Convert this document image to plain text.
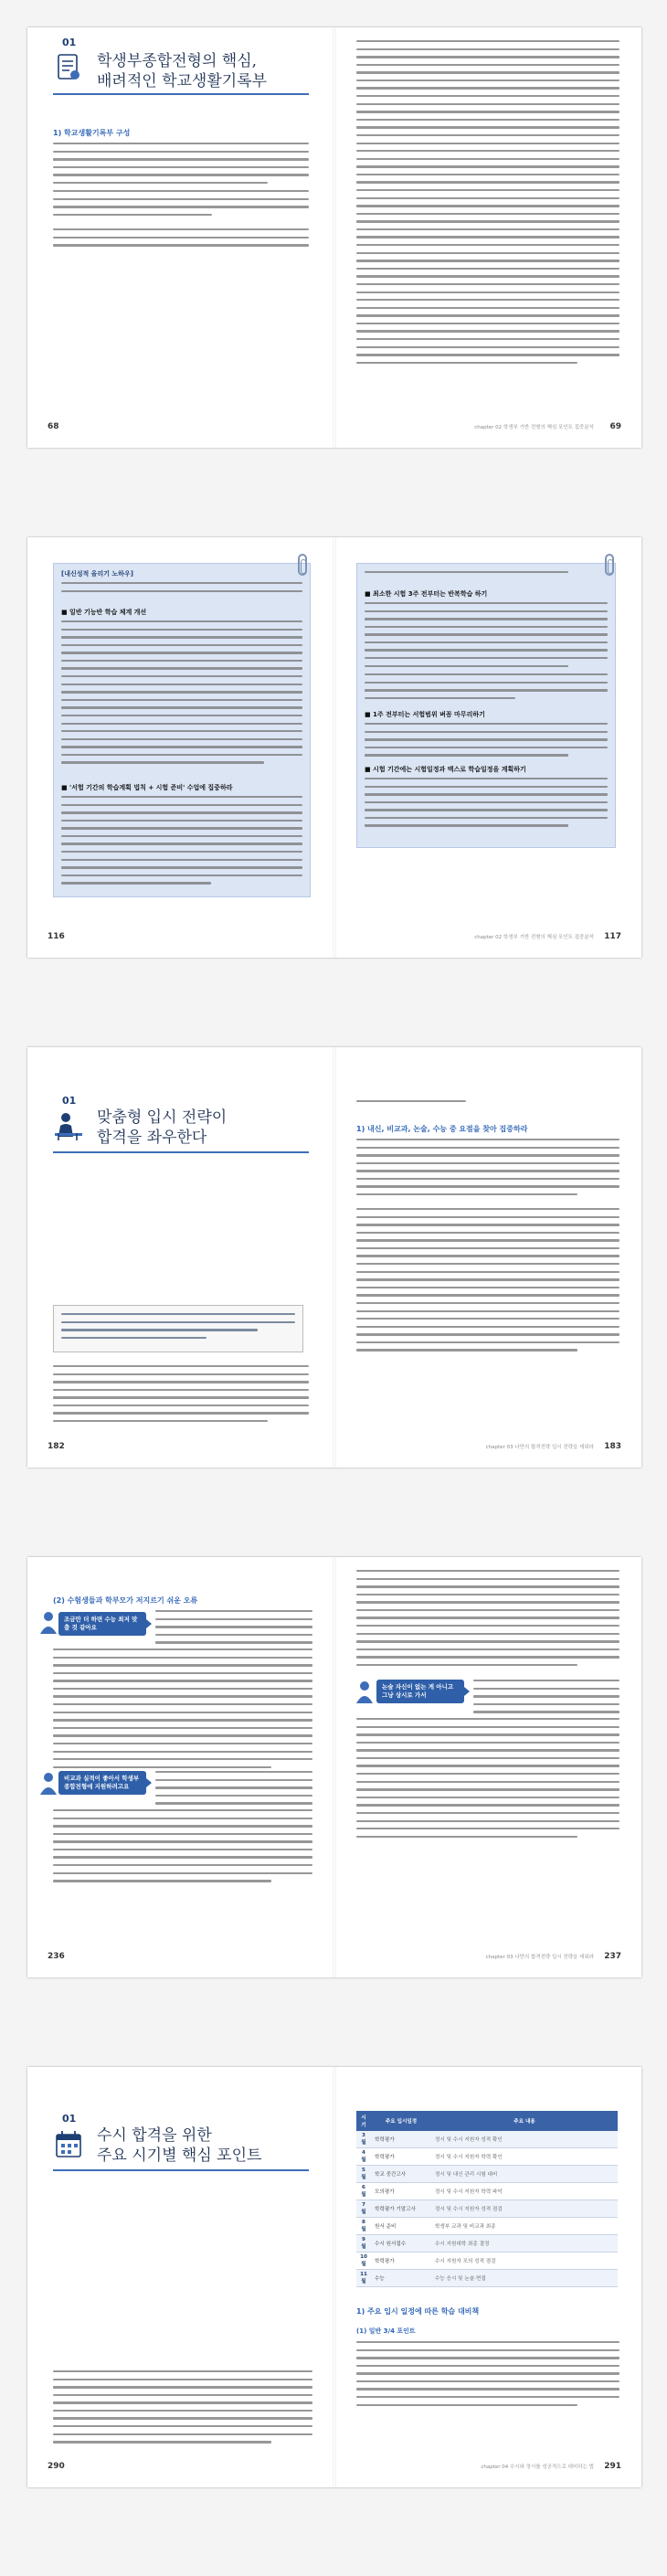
01
학생부종합전형의 핵심,
배려적인 학교생활기록부
1) 학교생활기록부 구성
68	chapter 02 학생부 기반 전형의 핵심 포인트 집중분석 69
[내신성적 올리기 노하우]
■ 일반 기능반 학습 체계 개선
■ '서험 기간의 학습계획 법칙 + 시험 준비' 수업에 집중하라
116
■ 최소한 시험 3주 전부터는 반복학습 하기
■ 1주 전부터는 서험범위 벼꼼 마무리하기
■ 시험 기간에는 시험일정과 맥스로 학습일정을 계획하기
chapter 02 학생부 기반 전형의 핵심 포인트 집중분석 117
01
맞춤형 입시 전략이
합격을 좌우한다
182
1) 내신, 비교과, 논술, 수능 중 요점을 찾아 집중하라
chapter 03 나만의 합격전략 입시 전략을 세워라 183
(2) 수험생들과 학부모가 저지르기 쉬운 오류
조금만 더 하면 수능 최저 맞출 것 같아요
비교과 실적이 좋아서 학생부종합전형에 지원하려고요
236
논술 자신이 없는 게 아니고 그냥 상시로 가서
chapter 03 나만의 합격전략 입시 전략을 세워라 237
01
수시 합격을 위한
주요 시기별 핵심 포인트
290
시기	주요 입시일정	주요 내용
3월	학력평가	정시 및 수시 지원자 성적 확인
4월	학력평가	정시 및 수시 지원자 학력 확인
5월	학교 중간고사	정시 및 내신 관리 시험 대비
6월	모의평가	정시 및 수시 지원자 학력 파악
7월	학력평가 기말고사	정시 및 수시 지원자 성적 점검
8월	원서 준비	학생부 교과 및 비교과 최종
9월	수시 원서접수	수시 지원대학 최종 결정
10월	학력평가	수시 지원자 모의 성적 점검
11월	수능	수능 응시 및 논술·면접
1) 주요 입시 일정에 따른 학습 대비책
(1) 일반 3/4 포인트
chapter 04 수시와 정시를 성공적으로 대비하는 법 291
